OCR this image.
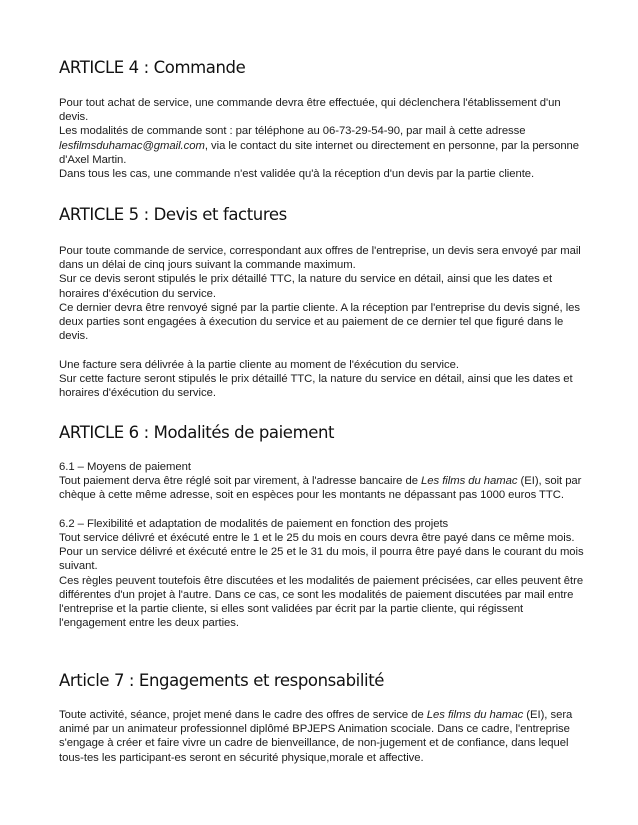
ARTICLE 4 : Commande

Pour tout achat de service, une commande devra être effectuée, qui déclenchera l'établissement d'un devis.

Les modalités de commande sont : par téléphone au 06-73-29-54-90, par mail à cette adresse lesfilmsduhamac@gmail.com, via le contact du site internet ou directement en personne, par la personne d'Axel Martin.

Dans tous les cas, une commande n'est validée qu'à la réception d'un devis par la partie cliente.

ARTICLE 5 : Devis et factures

Pour toute commande de service, correspondant aux offres de l'entreprise, un devis sera envoyé par mail dans un délai de cinq jours suivant la commande maximum.

Sur ce devis seront stipulés le prix détaillé TTC, la nature du service en détail, ainsi que les dates et horaires d'éxécution du service.

Ce dernier devra être renvoyé signé par la partie cliente. A la réception par l'entreprise du devis signé, les deux parties sont engagées à éxecution du service et au paiement de ce dernier tel que figuré dans le devis.

Une facture sera délivrée à la partie cliente au moment de l'éxécution du service.

Sur cette facture seront stipulés le prix détaillé TTC, la nature du service en détail, ainsi que les dates et horaires d'éxécution du service.

ARTICLE 6 : Modalités de paiement

6.1 – Moyens de paiement

Tout paiement derva être réglé soit par virement, à l'adresse bancaire de Les films du hamac (EI), soit par chèque à cette même adresse, soit en espèces pour les montants ne dépassant pas 1000 euros TTC.

6.2 – Flexibilité et adaptation de modalités de paiement en fonction des projets

Tout service délivré et éxécuté entre le 1 et le 25 du mois en cours devra être payé dans ce même mois. Pour un service délivré et éxécuté entre le 25 et le 31 du mois, il pourra être payé dans le courant du mois suivant.

Ces règles peuvent toutefois être discutées et les modalités de paiement précisées, car elles peuvent être différentes d'un projet à l'autre. Dans ce cas, ce sont les modalités de paiement discutées par mail entre l'entreprise et la partie cliente, si elles sont validées par écrit par la partie cliente, qui régissent l'engagement entre les deux parties.

Article 7 : Engagements et responsabilité

Toute activité, séance, projet mené dans le cadre des offres de service de Les films du hamac (EI), sera animé par un animateur professionnel diplômé BPJEPS Animation scociale. Dans ce cadre, l'entreprise s'engage à créer et faire vivre un cadre de bienveillance, de non-jugement et de confiance, dans lequel tous-tes les participant-es seront en sécurité physique,morale et affective.
